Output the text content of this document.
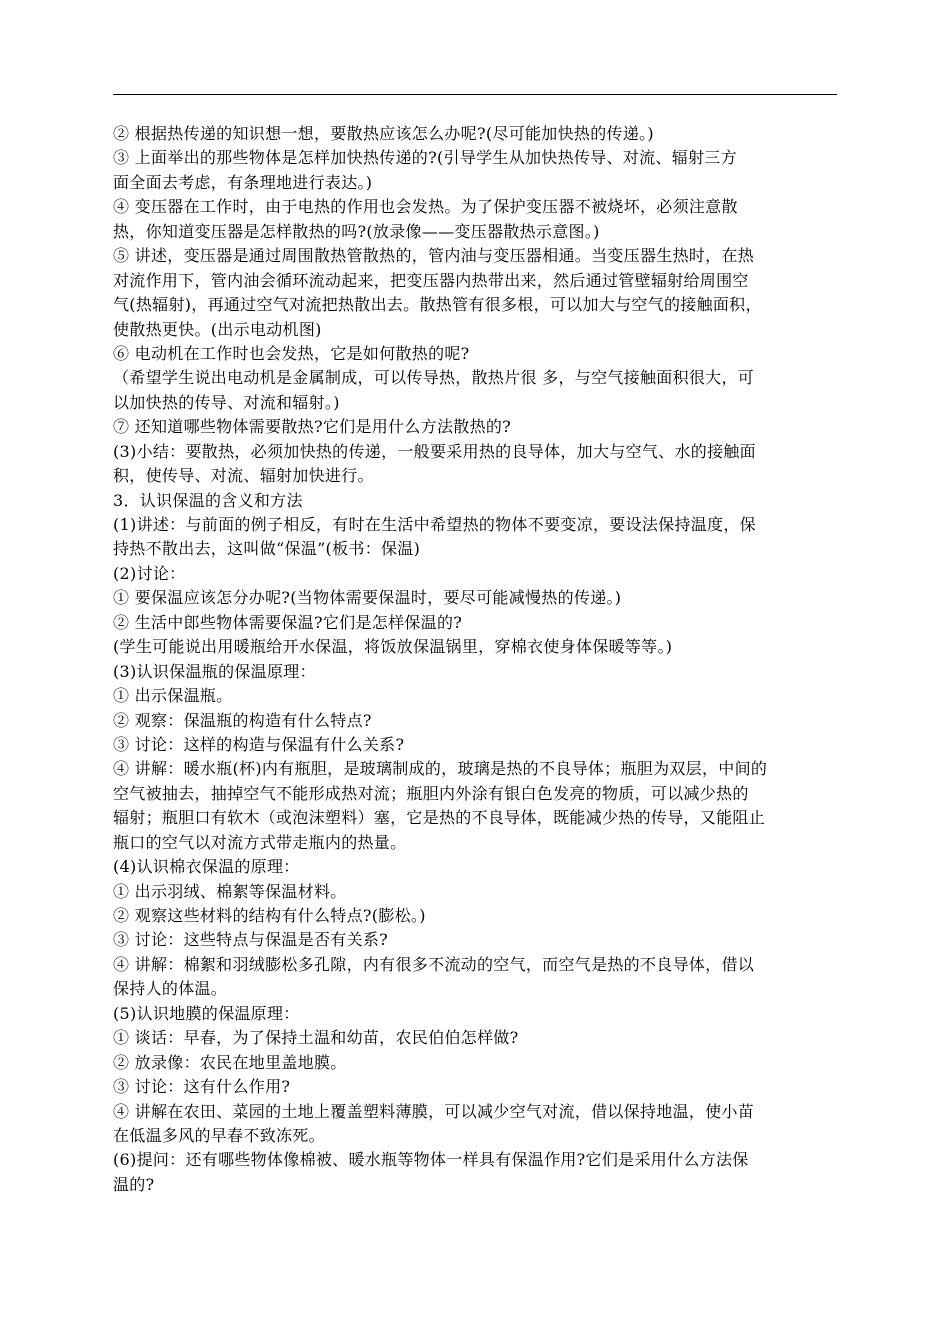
② 根据热传递的知识想一想，要散热应该怎么办呢?(尽可能加快热的传递。)
③ 上面举出的那些物体是怎样加快热传递的?(引导学生从加快热传导、对流、辐射三方
面全面去考虑，有条理地进行表达。)
④ 变压器在工作时，由于电热的作用也会发热。为了保护变压器不被烧坏，必须注意散
热，你知道变压器是怎样散热的吗?(放录像——变压器散热示意图。)
⑤ 讲述，变压器是通过周围散热管散热的，管内油与变压器相通。当变压器生热时，在热
对流作用下，管内油会循环流动起来，把变压器内热带出来，然后通过管壁辐射给周围空
气(热辐射)，再通过空气对流把热散出去。散热管有很多根，可以加大与空气的接触面积，
使散热更快。(出示电动机图)
⑥ 电动机在工作时也会发热，它是如何散热的呢?
（希望学生说出电动机是金属制成，可以传导热，散热片很 多，与空气接触面积很大，可
以加快热的传导、对流和辐射。)
⑦ 还知道哪些物体需要散热?它们是用什么方法散热的?
(3)小结：要散热，必须加快热的传递，一般要采用热的良导体，加大与空气、水的接触面
积，使传导、对流、辐射加快进行。
3．认识保温的含义和方法
(1)讲述：与前面的例子相反，有时在生活中希望热的物体不要变凉，要设法保持温度，保
持热不散出去，这叫做“保温”(板书：保温)
(2)讨论：
① 要保温应该怎分办呢?(当物体需要保温时，要尽可能减慢热的传递。)
② 生活中郎些物体需要保温?它们是怎样保温的?
(学生可能说出用暖瓶给开水保温，将饭放保温锅里，穿棉衣使身体保暖等等。)
(3)认识保温瓶的保温原理：
① 出示保温瓶。
② 观察：保温瓶的构造有什么特点?
③ 讨论：这样的构造与保温有什么关系?
④ 讲解：暖水瓶(杯)内有瓶胆，是玻璃制成的，玻璃是热的不良导体；瓶胆为双层，中间的
空气被抽去，抽掉空气不能形成热对流；瓶胆内外涂有银白色发亮的物质，可以减少热的
辐射；瓶胆口有软木（或泡沫塑料）塞，它是热的不良导体，既能减少热的传导，又能阻止
瓶口的空气以对流方式带走瓶内的热量。
(4)认识棉衣保温的原理：
① 出示羽绒、棉絮等保温材料。
② 观察这些材料的结构有什么特点?(膨松。)
③ 讨论：这些特点与保温是否有关系?
④ 讲解：棉絮和羽绒膨松多孔隙，内有很多不流动的空气，而空气是热的不良导体，借以
保持人的体温。
(5)认识地膜的保温原理：
① 谈话：早春，为了保持土温和幼苗，农民伯伯怎样做?
② 放录像：农民在地里盖地膜。
③ 讨论：这有什么作用?
④ 讲解在农田、菜园的土地上覆盖塑料薄膜，可以减少空气对流，借以保持地温，使小苗
在低温多风的早春不致冻死。
(6)提问：还有哪些物体像棉被、暖水瓶等物体一样具有保温作用?它们是采用什么方法保
温的?
